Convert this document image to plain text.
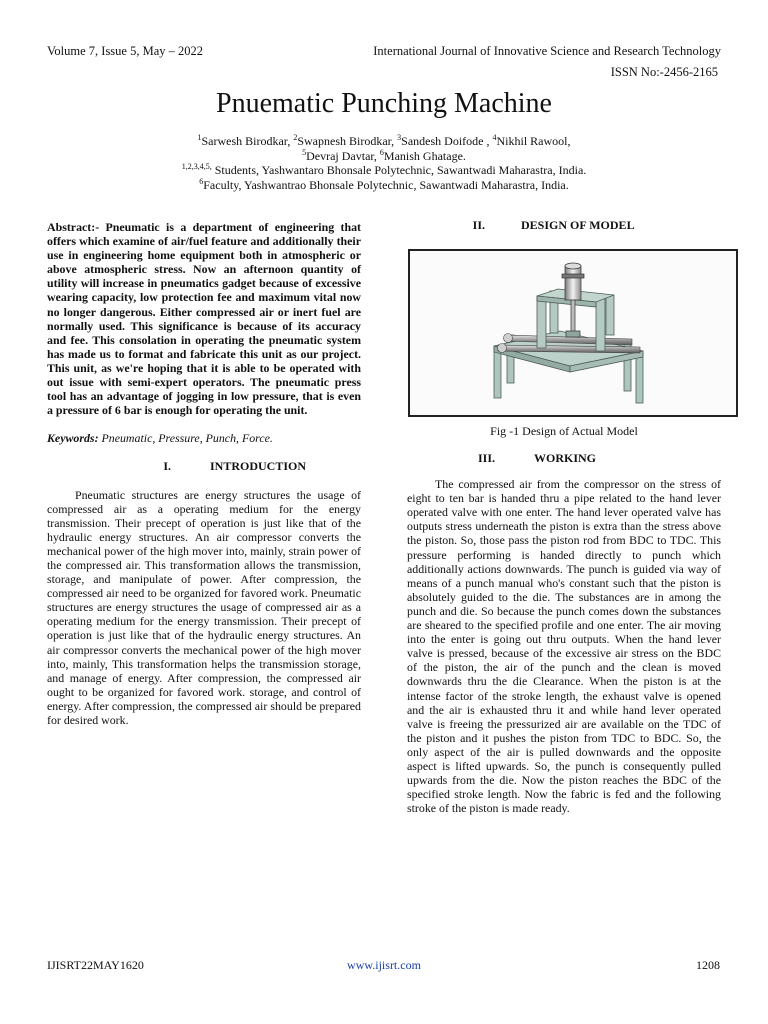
Volume 7, Issue 5, May – 2022	International Journal of Innovative Science and Research Technology
ISSN No:-2456-2165
Pnuematic Punching Machine
$^1$Sarwesh Birodkar, $^2$Swapnesh Birodkar, $^3$Sandesh Doifode , $^4$Nikhil Rawool,
$^5$Devraj Davtar, $^6$Manish Ghatage.
$^{1,2,3,4,5,}$ Students, Yashwantaro Bhonsale Polytechnic, Sawantwadi Maharastra, India.
$^6$Faculty, Yashwantrao Bhonsale Polytechnic, Sawantwadi Maharastra, India.

Abstract:- Pneumatic is a department of engineering that offers which examine of air/fuel feature and additionally their use in engineering home equipment both in atmospheric or above atmospheric stress. Now an afternoon quantity of utility will increase in pneumatics gadget because of excessive wearing capacity, low protection fee and maximum vital now no longer dangerous. Either compressed air or inert fuel are normally used. This significance is because of its accuracy and fee. This consolation in operating the pneumatic system has made us to format and fabricate this unit as our project. This unit, as we're hoping that it is able to be operated with out issue with semi-expert operators. The pneumatic press tool has an advantage of jogging in low pressure, that is even a pressure of 6 bar is enough for operating the unit.

Keywords: Pneumatic, Pressure, Punch, Force.

I.	INTRODUCTION

Pneumatic structures are energy structures the usage of compressed air as a operating medium for the energy transmission. Their precept of operation is just like that of the hydraulic energy structures. An air compressor converts the mechanical power of the high mover into, mainly, strain power of the compressed air. This transformation allows the transmission, storage, and manipulate of power. After compression, the compressed air need to be organized for favored work. Pneumatic structures are energy structures the usage of compressed air as a operating medium for the energy transmission. Their precept of operation is just like that of the hydraulic energy structures. An air compressor converts the mechanical power of the high mover into, mainly, This transformation helps the transmission storage, and manage of energy. After compression, the compressed air ought to be organized for favored work. storage, and control of energy. After compression, the compressed air should be prepared for desired work.

II.	DESIGN OF MODEL
Fig -1 Design of Actual Model
III.	WORKING

The compressed air from the compressor on the stress of eight to ten bar is handed thru a pipe related to the hand lever operated valve with one enter. The hand lever operated valve has outputs stress underneath the piston is extra than the stress above the piston. So, those pass the piston rod from BDC to TDC. This pressure performing is handed directly to punch which additionally actions downwards. The punch is guided via way of means of a punch manual who's constant such that the piston is absolutely guided to the die. The substances are in among the punch and die. So because the punch comes down the substances are sheared to the specified profile and one enter. The air moving into the enter is going out thru outputs. When the hand lever valve is pressed, because of the excessive air stress on the BDC of the piston, the air of the punch and the clean is moved downwards thru the die Clearance. When the piston is at the intense factor of the stroke length, the exhaust valve is opened and the air is exhausted thru it and while hand lever operated valve is freeing the pressurized air are available on the TDC of the piston and it pushes the piston from TDC to BDC. So, the only aspect of the air is pulled downwards and the opposite aspect is lifted upwards. So, the punch is consequently pulled upwards from the die. Now the piston reaches the BDC of the specified stroke length. Now the fabric is fed and the following stroke of the piston is made ready.

IJISRT22MAY1620	www.ijisrt.com	1208
